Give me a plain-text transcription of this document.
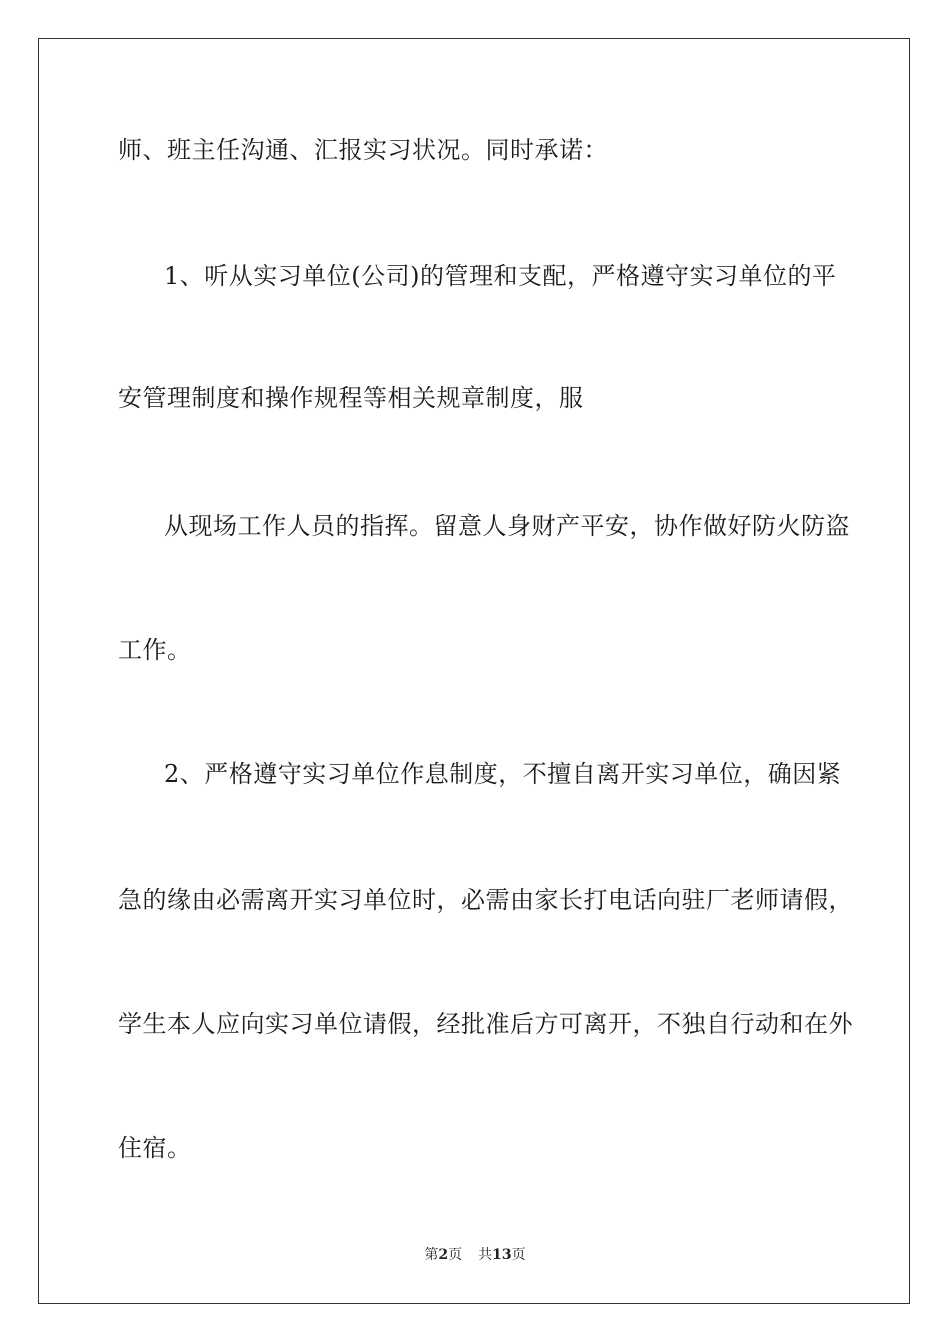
师、班主任沟通、汇报实习状况。同时承诺：
1、听从实习单位(公司)的管理和支配，严格遵守实习单位的平
安管理制度和操作规程等相关规章制度，服
从现场工作人员的指挥。留意人身财产平安，协作做好防火防盗
工作。
2、严格遵守实习单位作息制度，不擅自离开实习单位，确因紧
急的缘由必需离开实习单位时，必需由家长打电话向驻厂老师请假，
学生本人应向实习单位请假，经批准后方可离开，不独自行动和在外
住宿。
第2页 共13页
